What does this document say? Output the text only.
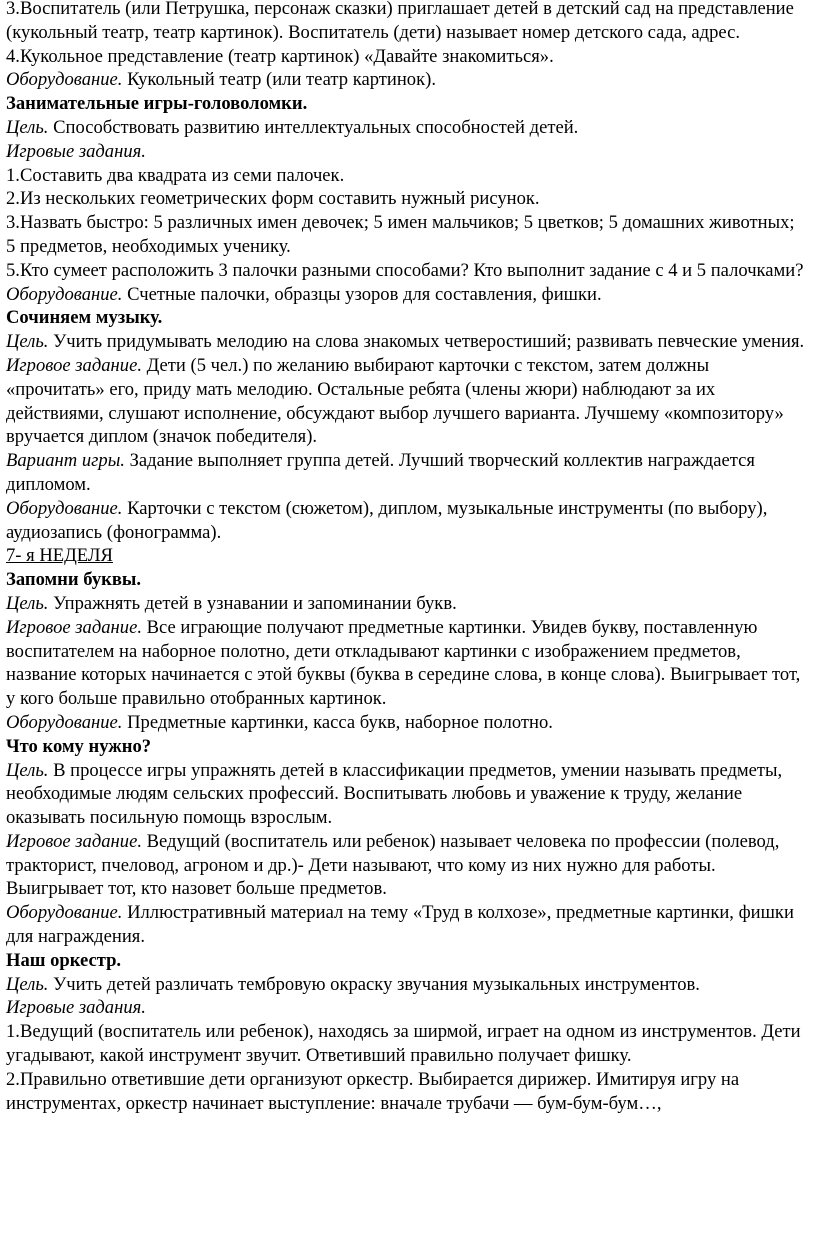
3.Воспитатель (или Петрушка, персонаж сказки) приглашает детей в детский сад на представление (кукольный театр, театр картинок). Воспитатель (дети) называет номер детского сада, адрес.

4.Кукольное представление (театр картинок) «Давайте знакомиться».

Оборудование. Кукольный театр (или театр картинок).

Занимательные игры-головоломки.

Цель. Способствовать развитию интеллектуальных способностей детей.

Игровые задания.

1.Составить два квадрата из семи палочек.

2.Из нескольких геометрических форм составить нужный рисунок.

3.Назвать быстро: 5 различных имен девочек; 5 имен мальчиков; 5 цветков; 5 домашних животных; 5 предметов, необходимых ученику.

5.Кто сумеет расположить 3 палочки разными способами? Кто выполнит задание с 4 и 5 палочками?

Оборудование. Счетные палочки, образцы узоров для составления, фишки.

Сочиняем музыку.

Цель. Учить придумывать мелодию на слова знакомых четверостиший; развивать певческие умения.

Игровое задание. Дети (5 чел.) по желанию выбирают карточки с текстом, затем должны «прочитать» его, приду мать мелодию. Остальные ребята (члены жюри) наблюдают за их действиями, слушают исполнение, обсуждают выбор лучшего варианта. Лучшему «композитору» вручается диплом (значок победителя).

Вариант игры. Задание выполняет группа детей. Лучший творческий коллектив награждается дипломом.

Оборудование. Карточки с текстом (сюжетом), диплом, музыкальные инструменты (по выбору), аудиозапись (фонограмма).

7- я НЕДЕЛЯ

Запомни буквы.

Цель. Упражнять детей в узнавании и запоминании букв.

Игровое задание. Все играющие получают предметные картинки. Увидев букву, поставленную воспитателем на наборное полотно, дети откладывают картинки с изображением предметов, название которых начинается с этой буквы (буква в середине слова, в конце слова). Выигрывает тот, у кого больше правильно отобранных картинок.

Оборудование. Предметные картинки, касса букв, наборное полотно.

Что кому нужно?

Цель. В процессе игры упражнять детей в классификации предметов, умении называть предметы, необходимые людям сельских профессий. Воспитывать любовь и уважение к труду, желание оказывать посильную помощь взрослым.

Игровое задание. Ведущий (воспитатель или ребенок) называет человека по профессии (полевод, тракторист, пчеловод, агроном и др.)- Дети называют, что кому из них нужно для работы. Выигрывает тот, кто назовет больше предметов.

Оборудование. Иллюстративный материал на тему «Труд в колхозе», предметные картинки, фишки для награждения.

Наш оркестр.

Цель. Учить детей различать тембровую окраску звучания музыкальных инструментов.

Игровые задания.

1.Ведущий (воспитатель или ребенок), находясь за ширмой, играет на одном из инструментов. Дети угадывают, какой инструмент звучит. Ответивший правильно получает фишку.

2.Правильно ответившие дети организуют оркестр. Выбирается дирижер. Имитируя игру на инструментах, оркестр начинает выступление: вначале трубачи — бум-бум-бум…,
